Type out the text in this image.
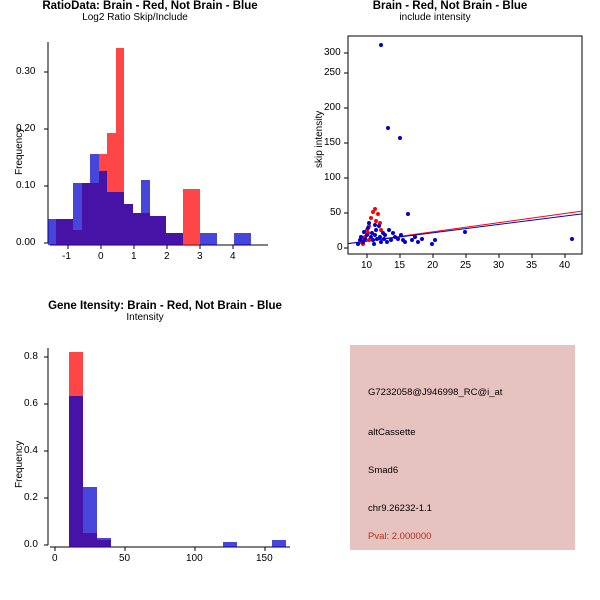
RatioData: Brain - Red, Not Brain - Blue
Frequency
Log2 Ratio Skip/Include
0.00
0.10
0.20
0.30
-1	0	1	2	3	4
Brain - Red, Not Brain - Blue
skip intensity
include intensity
0
50
100
150
200
250
300
10 15 20 25 30 35 40
Gene Itensity: Brain - Red, Not Brain - Blue
Frequency
Intensity
0.0
0.2
0.4
0.6
0.8
0	50	100	150
G7232058@J946998_RC@i_at
altCassette
Smad6
chr9.26232-1.1
Pval: 2.000000
